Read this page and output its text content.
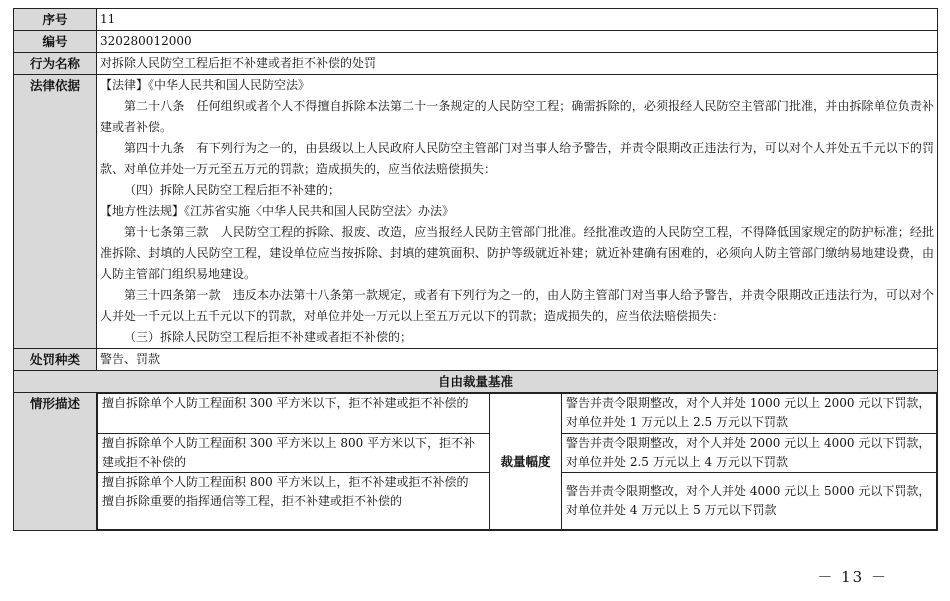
序号	11
编号	320280012000
行为名称	对拆除人民防空工程后拒不补建或者拒不补偿的处罚
法律依据	【法律】《中华人民共和国人民防空法》
第二十八条　任何组织或者个人不得擅自拆除本法第二十一条规定的人民防空工程；确需拆除的，必须报经人民防空主管部门批准，并由拆除单位负责补建或者补偿。
第四十九条　有下列行为之一的，由县级以上人民政府人民防空主管部门对当事人给予警告，并责令限期改正违法行为，可以对个人并处五千元以下的罚款、对单位并处一万元至五万元的罚款；造成损失的，应当依法赔偿损失：
（四）拆除人民防空工程后拒不补建的；
【地方性法规】《江苏省实施〈中华人民共和国人民防空法〉办法》
第十七条第三款　人民防空工程的拆除、报废、改造，应当报经人民防主管部门批准。经批准改造的人民防空工程，不得降低国家规定的防护标准；经批准拆除、封填的人民防空工程，建设单位应当按拆除、封填的建筑面积、防护等级就近补建；就近补建确有困难的，必须向人防主管部门缴纳易地建设费，由人防主管部门组织易地建设。
第三十四条第一款　违反本办法第十八条第一款规定，或者有下列行为之一的，由人防主管部门对当事人给予警告，并责令限期改正违法行为，可以对个人并处一千元以上五千元以下的罚款，对单位并处一万元以上至五万元以下的罚款；造成损失的，应当依法赔偿损失：
（三）拆除人民防空工程后拒不补建或者拒不补偿的；

处罚种类	警告、罚款
自由裁量基准
情形描述	擅自拆除单个人防工程面积 300 平方米以下，拒不补建或拒不补偿的	裁量幅度	警告并责令限期整改，对个人并处 1000 元以上 2000 元以下罚款，对单位并处 1 万元以上 2.5 万元以下罚款
擅自拆除单个人防工程面积 300 平方米以上 800 平方米以下，拒不补建或拒不补偿的	警告并责令限期整改，对个人并处 2000 元以上 4000 元以下罚款，对单位并处 2.5 万元以上 4 万元以下罚款

擅自拆除单个人防工程面积 800 平方米以上，拒不补建或拒不补偿的
擅自拆除重要的指挥通信等工程，拒不补建或拒不补偿的
	警告并责令限期整改，对个人并处 4000 元以上 5000 元以下罚款，对单位并处 4 万元以上 5 万元以下罚款
－ 13 －
